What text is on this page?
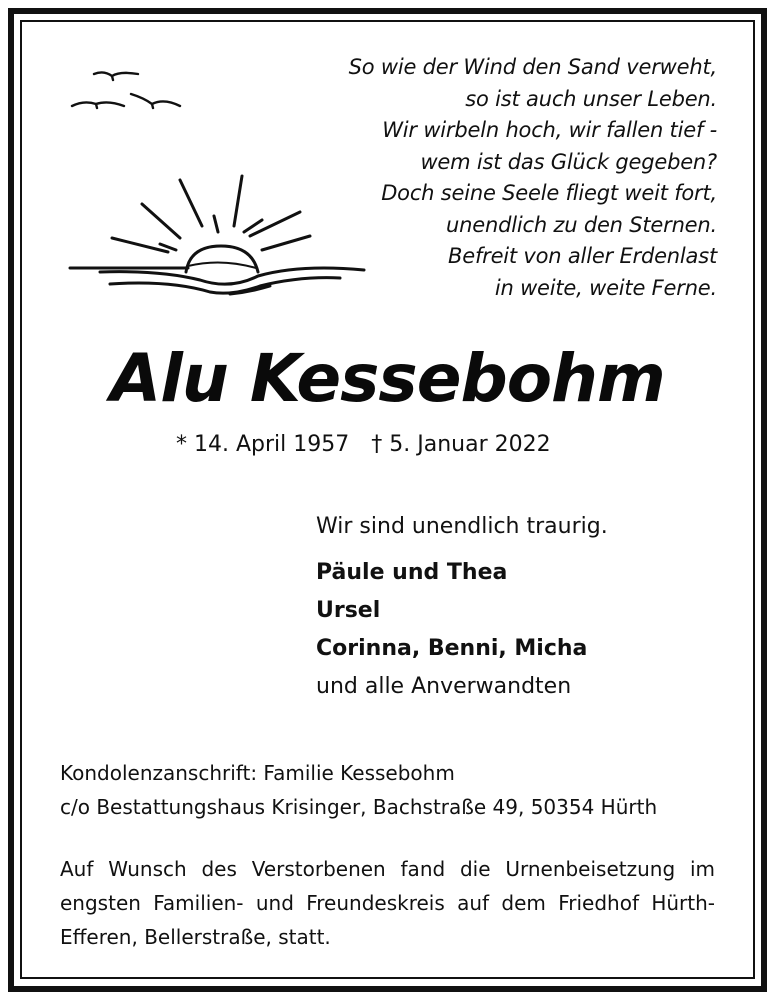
So wie der Wind den Sand verweht,
so ist auch unser Leben.
Wir wirbeln hoch, wir fallen tief -
wem ist das Glück gegeben?
Doch seine Seele fliegt weit fort,
unendlich zu den Sternen.
Befreit von aller Erdenlast
in weite, weite Ferne.
Alu Kessebohm
* 14. April 1957 † 5. Januar 2022
Wir sind unendlich traurig.
Päule und Thea
Ursel
Corinna, Benni, Micha
und alle Anverwandten
Kondolenzanschrift: Familie Kessebohm
c/o Bestattungshaus Krisinger, Bachstraße 49, 50354 Hürth
Auf Wunsch des Verstorbenen fand die Urnenbeisetzung im engsten Familien- und Freundeskreis auf dem Friedhof Hürth-Efferen, Bellerstraße, statt.
